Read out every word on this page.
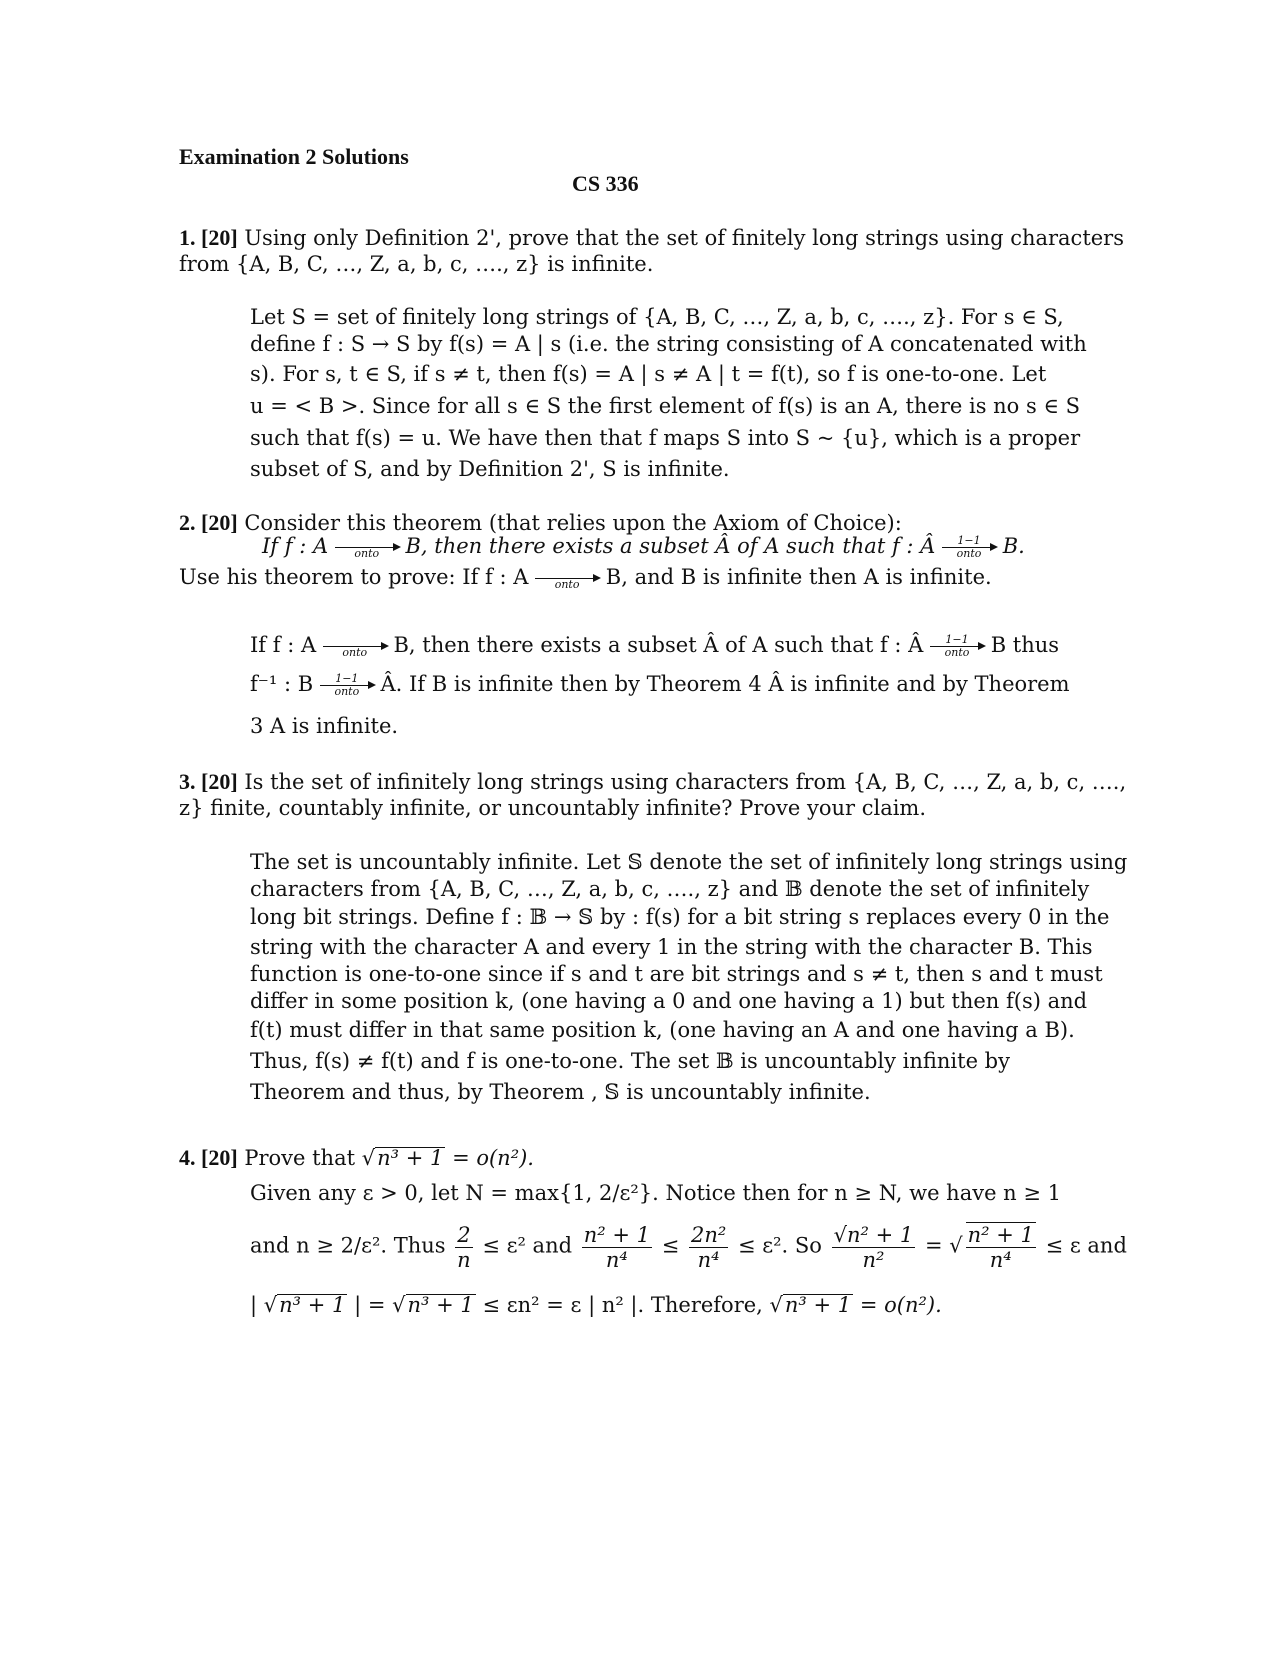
Examination 2 Solutions
CS 336
1. [20] Using only Definition 2', prove that the set of finitely long strings using characters
from {A, B, C, …, Z, a, b, c, …., z} is infinite.
Let S = set of finitely long strings of {A, B, C, …, Z, a, b, c, …., z}. For s ∈ S,
define f : S → S by f(s) = A | s (i.e. the string consisting of A concatenated with
s). For s, t ∈ S, if s ≠ t, then f(s) = A | s ≠ A | t = f(t), so f is one-to-one. Let
u = < B >. Since for all s ∈ S the first element of f(s) is an A, there is no s ∈ S
such that f(s) = u. We have then that f maps S into S ~ {u}, which is a proper
subset of S, and by Definition 2', S is infinite.
2. [20] Consider this theorem (that relies upon the Axiom of Choice):
If f : A	onto	B, then there exists a subset Â of A such that f : Â	1−1
onto	B.
Use his theorem to prove: If f : A	onto	B, and B is infinite then A is infinite.
If f : A	onto	B, then there exists a subset Â of A such that f : Â	1−1
onto	B thus
f⁻¹ : B	1−1
onto	Â. If B is infinite then by Theorem 4 Â is infinite and by Theorem
3 A is infinite.
3. [20] Is the set of infinitely long strings using characters from {A, B, C, …, Z, a, b, c, ….,
z} finite, countably infinite, or uncountably infinite? Prove your claim.
The set is uncountably infinite. Let 𝕊 denote the set of infinitely long strings using
characters from {A, B, C, …, Z, a, b, c, …., z} and 𝔹 denote the set of infinitely
long bit strings. Define f : 𝔹 → 𝕊 by : f(s) for a bit string s replaces every 0 in the
string with the character A and every 1 in the string with the character B. This
function is one-to-one since if s and t are bit strings and s ≠ t, then s and t must
differ in some position k, (one having a 0 and one having a 1) but then f(s) and
f(t) must differ in that same position k, (one having an A and one having a B).
Thus, f(s) ≠ f(t) and f is one-to-one. The set 𝔹 is uncountably infinite by
Theorem and thus, by Theorem , 𝕊 is uncountably infinite.
4. [20] Prove that √n³ + 1 = o(n²).
Given any ε > 0, let N = max{1, 2/ε²}. Notice then for n ≥ N, we have n ≥ 1
and n ≥ 2/ε². Thus $\frac{2}{n} \le \varepsilon^2$ and $\frac{\text{n² + 1}}{\text{n⁴}} \le \frac{\text{2n²}}{\text{n⁴}} \le \varepsilon^2$. So $\frac{\text{√n² + 1}}{\text{n²}}$ = √ $\frac{\text{n² + 1}}{\text{n⁴}} \le \varepsilon$ and
| √n³ + 1 | = √n³ + 1 ≤ εn² = ε | n² |. Therefore, √n³ + 1 = o(n²).
